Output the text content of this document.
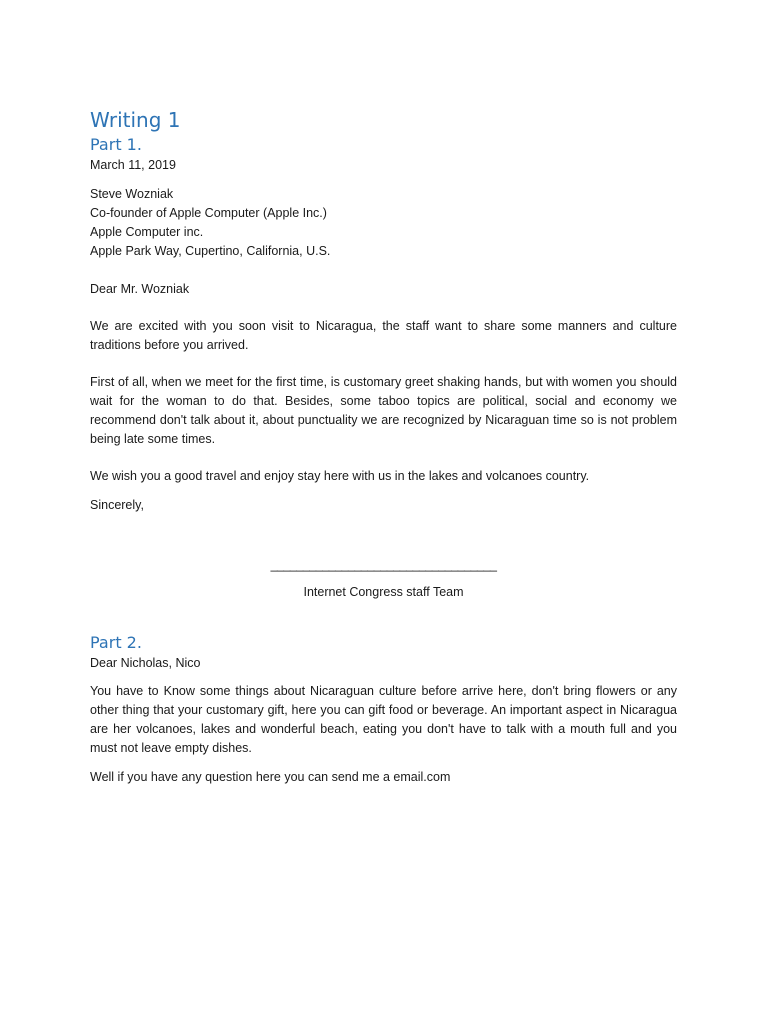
Writing 1
Part 1.

March 11, 2019

Steve Wozniak

Co-founder of Apple Computer (Apple Inc.)

Apple Computer inc.

Apple Park Way, Cupertino, California, U.S.

Dear Mr. Wozniak

We are excited with you soon visit to Nicaragua, the staff want to share some manners and culture traditions before you arrived.

First of all, when we meet for the first time, is customary greet shaking hands, but with women you should wait for the woman to do that. Besides, some taboo topics are political, social and economy we recommend don't talk about it, about punctuality we are recognized by Nicaraguan time so is not problem being late some times.

We wish you a good travel and enjoy stay here with us in the lakes and volcanoes country.

Sincerely,

___________________________________

Internet Congress staff Team

Part 2.

Dear Nicholas, Nico

You have to Know some things about Nicaraguan culture before arrive here, don't bring flowers or any other thing that your customary gift, here you can gift food or beverage. An important aspect in Nicaragua are her volcanoes, lakes and wonderful beach, eating you don't have to talk with a mouth full and you must not leave empty dishes.

Well if you have any question here you can send me a email.com
